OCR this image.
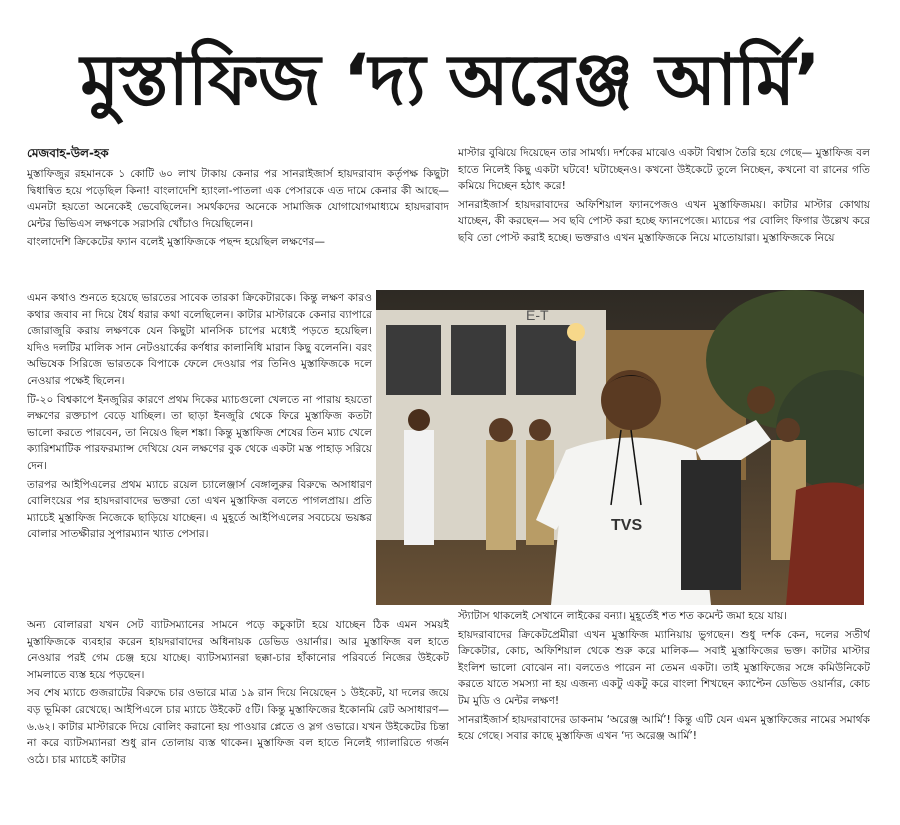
মুস্তাফিজ ‘দ্য অরেঞ্জ আর্মি’
মেজবাহ-উল-হক

মুস্তাফিজুর রহমানকে ১ কোটি ৬০ লাখ টাকায় কেনার পর সানরাইজার্স হায়দরাবাদ কর্তৃপক্ষ কিছুটা দ্বিধান্বিত হয়ে পড়েছিল কিনা! বাংলাদেশি হ্যাংলা-পাতলা এক পেসারকে এত দামে কেনার কী আছে— এমনটা হয়তো অনেকেই ভেবেছিলেন। সমর্থকদের অনেকে সামাজিক যোগাযোগমাধ্যমে হায়দরাবাদ মেন্টর ভিভিএস লক্ষণকে সরাসরি খোঁচাও দিয়েছিলেন।

বাংলাদেশি ক্রিকেটের ফ্যান বলেই মুস্তাফিজকে পছন্দ হয়েছিল লক্ষণের—

এমন কথাও শুনতে হয়েছে ভারতের সাবেক তারকা ক্রিকেটারকে। কিন্তু লক্ষণ কারও কথার জবাব না দিয়ে ধৈর্য ধরার কথা বলেছিলেন। কাটার মাস্টারকে কেনার ব্যাপারে জোরাজুরি করায় লক্ষণকে যেন কিছুটা মানসিক চাপের মধ্যেই পড়তে হয়েছিল। যদিও দলটির মালিক সান নেটওয়ার্কের কর্ণধার কালানিধি মারান কিছু বলেননি। বরং অভিষেক সিরিজে ভারতকে বিপাকে ফেলে দেওয়ার পর তিনিও মুস্তাফিজকে দলে নেওয়ার পক্ষেই ছিলেন।

টি-২০ বিশ্বকাপে ইনজুরির কারণে প্রথম দিকের ম্যাচগুলো খেলতে না পারায় হয়তো লক্ষণের রক্তচাপ বেড়ে যাচ্ছিল। তা ছাড়া ইনজুরি থেকে ফিরে মুস্তাফিজ কতটা ভালো করতে পারবেন, তা নিয়েও ছিল শঙ্কা। কিন্তু মুস্তাফিজ শেষের তিন ম্যাচ খেলে ক্যারিশমাটিক পারফরম্যান্স দেখিয়ে যেন লক্ষণের বুক থেকে একটা মস্ত পাহাড় সরিয়ে দেন।

তারপর আইপিএলের প্রথম ম্যাচে রয়েল চ্যালেঞ্জার্স বেঙ্গালুরুর বিরুদ্ধে অসাধারণ বোলিংয়ের পর হায়দরাবাদের ভক্তরা তো এখন মুস্তাফিজ বলতে পাগলপ্রায়। প্রতি ম্যাচেই মুস্তাফিজ নিজেকে ছাড়িয়ে যাচ্ছেন। এ মুহূর্তে আইপিএলের সবচেয়ে ভয়ঙ্কর বোলার সাতক্ষীরার সুপারম্যান খ্যাত পেসার।

মাস্টার বুঝিয়ে দিয়েছেন তার সামর্থ্য। দর্শকের মাঝেও একটা বিশ্বাস তৈরি হয়ে গেছে— মুস্তাফিজ বল হাতে নিলেই কিছু একটা ঘটবে! ঘটাচ্ছেনও। কখনো উইকেটে তুলে নিচ্ছেন, কখনো বা রানের গতি কমিয়ে দিচ্ছেন হঠাৎ করে!

সানরাইজার্স হায়দরাবাদের অফিশিয়াল ফ্যানপেজও এখন মুস্তাফিজময়। কাটার মাস্টার কোথায় যাচ্ছেন, কী করছেন— সব ছবি পোস্ট করা হচ্ছে ফ্যানপেজে। ম্যাচের পর বোলিং ফিগার উল্লেখ করে ছবি তো পোস্ট করাই হচ্ছে। ভক্তরাও এখন মুস্তাফিজকে নিয়ে মাতোয়ারা। মুস্তাফিজকে নিয়ে

E-T
TVS

অন্য বোলাররা যখন সেট ব্যাটসম্যানের সামনে পড়ে কচুকাটা হয়ে যাচ্ছেন ঠিক এমন সময়ই মুস্তাফিজকে ব্যবহার করেন হায়দরাবাদের অধিনায়ক ডেভিড ওয়ার্নার। আর মুস্তাফিজ বল হাতে নেওয়ার পরই গেম চেঞ্জ হয়ে যাচ্ছে। ব্যাটসম্যানরা ছক্কা-চার হাঁকানোর পরিবর্তে নিজের উইকেট সামলাতে ব্যস্ত হয়ে পড়ছেন।

সব শেষ ম্যাচে গুজরাটের বিরুদ্ধে চার ওভারে মাত্র ১৯ রান দিয়ে নিয়েছেন ১ উইকেট, যা দলের জয়ে বড় ভূমিকা রেখেছে। আইপিএলে চার ম্যাচে উইকেট ৫টি। কিন্তু মুস্তাফিজের ইকোনমি রেট অসাধারণ— ৬.৬২। কাটার মাস্টারকে দিয়ে বোলিং করানো হয় পাওয়ার প্লেতে ও স্লগ ওভারে। যখন উইকেটের চিন্তা না করে ব্যাটসম্যানরা শুধু রান তোলায় ব্যস্ত থাকেন। মুস্তাফিজ বল হাতে নিলেই গ্যালারিতে গর্জন ওঠে। চার ম্যাচেই কাটার

স্ট্যাটাস থাকলেই সেখানে লাইকের বন্যা। মুহূর্তেই শত শত কমেন্ট জমা হয়ে যায়।

হায়দরাবাদের ক্রিকেটপ্রেমীরা এখন মুস্তাফিজ ম্যানিয়ায় ভুগছেন। শুধু দর্শক কেন, দলের সতীর্থ ক্রিকেটার, কোচ, অফিশিয়াল থেকে শুরু করে মালিক— সবাই মুস্তাফিজের ভক্ত। কাটার মাস্টার ইংলিশ ভালো বোঝেন না। বলতেও পারেন না তেমন একটা। তাই মুস্তাফিজের সঙ্গে কমিউনিকেট করতে যাতে সমস্যা না হয় এজন্য একটু একটু করে বাংলা শিখছেন ক্যাপ্টেন ডেভিড ওয়ার্নার, কোচ টম মুডি ও মেন্টর লক্ষণ!

সানরাইজার্স হায়দরাবাদের ডাকনাম ‘অরেঞ্জ আর্মি’! কিন্তু এটি যেন এমন মুস্তাফিজের নামের সমার্থক হয়ে গেছে। সবার কাছে মুস্তাফিজ এখন ‘দ্য অরেঞ্জ আর্মি’!
